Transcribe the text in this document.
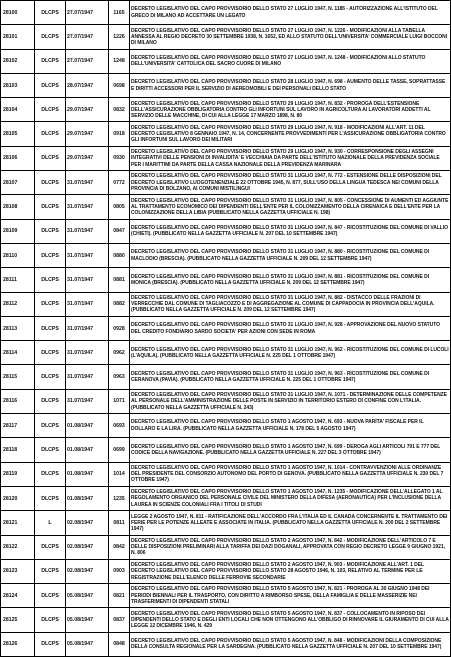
28100	DLCPS	27.07/1947	1165	DECRETO LEGISLATIVO DEL CAPO PROVVISORIO DELLO STATO 27 LUGLIO 1947, N. 1185 - AUTORIZZAZIONE ALL'ISTITUTO DEL GRECO DI MILANO AD ACCETTARE UN LEGATO

28101	DLCPS	27.07/1947	1226	DECRETO LEGISLATIVO DEL CAPO PROVVISORIO DELLO STATO 27 LUGLIO 1947, N. 1226 - MODIFICAZIONI ALLA TABELLA ANNESSA AL REGIO DECRETO 30 SETTEMBRE 1938, N. 1652, ED ALLO STATUTO DELL'UNIVERSITA' COMMERCIALE LUIGI BOCCONI DI MILANO

28102	DLCPS	27.07/1947	1248	DECRETO LEGISLATIVO DEL CAPO PROVVISORIO DELLO STATO 27 LUGLIO 1947, N. 1248 - MODIFICAZIONI ALLO STATUTO DELL'UNIVERSITA' CATTOLICA DEL SACRO CUORE DI MILANO

28103	DLCPS	28.07/1947	0698	DECRETO LEGISLATIVO DEL CAPO PROVVISORIO DELLO STATO 28 LUGLIO 1947, N. 698 - AUMENTO DELLE TASSE, SOPRATTASSE E DIRITTI ACCESSORI PER IL SERVIZIO DI AEREOMOBILI E DEI PERSONALI DELLO STATO

28104	DLCPS	29.07/1947	0832	DECRETO LEGISLATIVO DEL CAPO PROVVISORIO DELLO STATO 29 LUGLIO 1947, N. 832 - PROROGA DELL'ESTENSIONE DELL'ASSICURAZIONE OBBLIGATORIA CONTRO GLI INFORTUNI SUL LAVORO IN AGRICOLTURA AI LAVORATORI ADDETTI AL SERVIZIO DELLE MACCHINE, DI CUI ALLA LEGGE 17 MARZO 1898, N. 80

28105	DLCPS	29.07/1947	0918	DECRETO LEGISLATIVO DEL CAPO PROVVISORIO DELLO STATO 29 LUGLIO 1947, N. 918 - MODIFICAZIONI ALL'ART. 11 DEL DECRETO LEGISLATIVO 8 GENNAIO 1947, N. 14, CONCERNENTE PROVVEDIMENTI PER L'ASSICURAZIONE OBBLIGATORIA CONTRO GLI INFORTUNI SUL LAVORO DEI MILITARI

28106	DLCPS	29.07/1947	0930	DECRETO LEGISLATIVO DEL CAPO PROVVISORIO DELLO STATO 29 LUGLIO 1947, N. 930 - CORRESPONSIONE DEGLI ASSEGNI INTEGRATIVI DELLE PENSIONI DI INVALIDITA' E VECCHIAIA DA PARTE DELL'ISTITUTO NAZIONALE DELLA PREVIDENZA SOCIALE PER I MARITTIMI DA PARTE DELLA CASSA NAZIONALE DELLA PREVIDENZA MARINARA

28107	DLCPS	31.07/1947	0772	DECRETO LEGISLATIVO DEL CAPO PROVVISORIO DELLO STATO 31 LUGLIO 1947, N. 772 - ESTENSIONE DELLE DISPOSIZIONI DEL DECRETO LEGISLATIVO LUOGOTENENZIALE 22 OTTOBRE 1945, N. 877, SULL'USO DELLA LINGUA TEDESCA NEI COMUNI DELLA PROVINCIA DI BOLZANO, AI COMUNI MISTILINGUI

28108	DLCPS	31.07/1947	0805	DECRETO LEGISLATIVO DEL CAPO PROVVISORIO DELLO STATO 31 LUGLIO 1947, N. 805 - CONCESSIONE DI AUMENTI ED AGGIUNTE AL TRATTAMENTO ECONOMICO DEI DIPENDENTI DELL'ENTE PER IL COLONIZZAMENTO DELLA CIRENAICA E DELL'ENTE PER LA COLONIZZAZIONE DELLA LIBIA (PUBBLICATO NELLA GAZZETTA UFFICIALE N. 198)

28109	DLCPS	31.07/1947	0847	DECRETO LEGISLATIVO DEL CAPO PROVVISORIO DELLO STATO 31 LUGLIO 1947, N. 847 - RICOSTITUZIONE DEL COMUNE DI VALLIO (CHIETI). (PUBBLICATO NELLA GAZZETTA UFFICIALE N. 207 DEL 10 SETTEMBRE 1947)

28110	DLCPS	31.07/1947	0880	DECRETO LEGISLATIVO DEL CAPO PROVVISORIO DELLO STATO 31 LUGLIO 1947, N. 880 - RICOSTITUZIONE DEL COMUNE DI MACLODIO (BRESCIA). (PUBBLICATO NELLA GAZZETTA UFFICIALE N. 209 DEL 12 SETTEMBRE 1947)

28111	DLCPS	31.07/1947	0881	DECRETO LEGISLATIVO DEL CAPO PROVVISORIO DELLO STATO 31 LUGLIO 1947, N. 881 - RICOSTITUZIONE DEL COMUNE DI MONICA (BRESCIA). (PUBBLICATO NELLA GAZZETTA UFFICIALE N. 209 DEL 12 SETTEMBRE 1947)

28112	DLCPS	31.07/1947	0882	DECRETO LEGISLATIVO DEL CAPO PROVVISORIO DELLO STATO 31 LUGLIO 1947, N. 882 - DISTACCO DELLE FRAZIONI DI VERRECCHIE DAL COMUNE DI TAGLIACOZZO E DI AGGREGAZIONE AL COMUNE DI CAPPADOCIA IN PROVINCIA DELL'AQUILA. (PUBBLICATO NELLA GAZZETTA UFFICIALE N. 209 DEL 12 SETTEMBRE 1947)

28113	DLCPS	31.07/1947	0928	DECRETO LEGISLATIVO DEL CAPO PROVVISORIO DELLO STATO 31 LUGLIO 1947, N. 928 - APPROVAZIONE DEL NUOVO STATUTO DEL CREDITO FONDIARIO SARDO SOCIETA' PER AZIONI CON SEDE IN ROMA

28114	DLCPS	31.07/1947	0962	DECRETO LEGISLATIVO DEL CAPO PROVVISORIO DELLO STATO 31 LUGLIO 1947, N. 962 - RICOSTITUZIONE DEL COMUNE DI LUCOLI (L'AQUILA). (PUBBLICATO NELLA GAZZETTA UFFICIALE N. 225 DEL 1 OTTOBRE 1947)

28115	DLCPS	31.07/1947	0963	DECRETO LEGISLATIVO DEL CAPO PROVVISORIO DELLO STATO 31 LUGLIO 1947, N. 963 - RICOSTITUZIONE DEL COMUNE DI CERANOVA (PAVIA). (PUBBLICATO NELLA GAZZETTA UFFICIALE N. 225 DEL 1 OTTOBRE 1947)

28116	DLCPS	31.07/1947	1071	DECRETO LEGISLATIVO DEL CAPO PROVVISORIO DELLO STATO 31 LUGLIO 1947, N. 1071 - DETERMINAZIONE DELLE COMPETENZE AL PERSONALE DELL'AMMINISTRAZIONE DELLE POSTE IN SERVIZIO IN TERRITORIO ESTERO DI CONFINE CON L'ITALIA. (PUBBLICATO NELLA GAZZETTA UFFICIALE N. 243)

28117	DLCPS	01.08/1947	0693	DECRETO LEGISLATIVO DEL CAPO PROVVISORIO DELLO STATO 1 AGOSTO 1947, N. 693 - NUOVA PARITA' FISCALE PER IL DOLLARO E LA LIRA. (PUBBLICATO NELLA GAZZETTA UFFICIALE N. 178 DEL 5 AGOSTO 1947)

28118	DLCPS	01.08/1947	0699	DECRETO LEGISLATIVO DEL CAPO PROVVISORIO DELLO STATO 1 AGOSTO 1947, N. 699 - DEROGA AGLI ARTICOLI 791 E 777 DEL CODICE DELLA NAVIGAZIONE. (PUBBLICATO NELLA GAZZETTA UFFICIALE N. 227 DEL 3 OTTOBRE 1947)

28119	DLCPS	01.08/1947	1014	DECRETO LEGISLATIVO DEL CAPO PROVVISORIO DELLO STATO 1 AGOSTO 1947, N. 1014 - CONTRAVVENZIONI ALLE ORDINANZE DEL PRESIDENTE DEL CONSORZIO AUTONOMO DEL PORTO DI GENOVA. (PUBBLICATO NELLA GAZZETTA UFFICIALE N. 230 DEL 7 OTTOBRE 1947)

28120	DLCPS	01.08/1947	1235	DECRETO LEGISLATIVO DEL CAPO PROVVISORIO DELLO STATO 1 AGOSTO 1947, N. 1235 - MODIFICAZIONE DELL'ALLEGATO 1 AL REGOLAMENTO ORGANICO DEL PERSONALE CIVILE DEL MINISTERO DELLA DIFESA (AERONAUTICA) PER L'INCLUSIONE DELLA LAUREA IN SCIENZE COLONIALI FRA I TITOLI DI STUDI

28121	L	02.08/1947	0811	LEGGE 2 AGOSTO 1947, N. 811 - RATIFICAZIONE DELL'ACCORDO FRA L'ITALIA ED IL CANADA CONCERNENTE IL TRATTAMENTO DEI FERIE PER LE POTENZE ALLEATE E ASSOCIATE IN ITALIA. (PUBBLICATO NELLA GAZZETTA UFFICIALE N. 200 DEL 2 SETTEMBRE 1947)

28122	DLCPS	02.08/1947	0842	DECRETO LEGISLATIVO DEL CAPO PROVVISORIO DELLO STATO 2 AGOSTO 1947, N. 842 - MODIFICAZIONE DELL'ARTICOLO 7 E DELLE DISPOSIZIONI PRELIMINARI ALLA TARIFFA DEI DAZI DOGANALI, APPROVATA CON REGIO DECRETO LEGGE 9 GIUGNO 1921, N. 806

28123	DLCPS	02.08/1947	0903	DECRETO LEGISLATIVO DEL CAPO PROVVISORIO DELLO STATO 2 AGOSTO 1947, N. 903 - MODIFICAZIONE ALL'ART. 1 DEL DECRETO LEGISLATIVO DEL CAPO PROVVISORIO DELLO STATO 28 AGOSTO 1946, N. 103, RELATIVO AL TERMINE PER LE REGISTRAZIONE DELL'ELENCO DELLE FERROVIE SECONDARIE

28124	DLCPS	05.08/1947	0821	DECRETO LEGISLATIVO DEL CAPO PROVVISORIO DELLO STATO 5 AGOSTO 1947, N. 821 - PROROGA AL 30 GIUGNO 1948 DEI PERIODI BIENNALI PER IL TRASPORTO, CON DIRITTO A RIMBORSO SPESE, DELLA FAMIGLIA E DELLE MASSERIZIE NEI TRASFERIMENTI DI DIPENDENTI STATALI

28125	DLCPS	05.08/1947	0837	DECRETO LEGISLATIVO DEL CAPO PROVVISORIO DELLO STATO 5 AGOSTO 1947, N. 837 - COLLOCAMENTO IN RIPOSO DEI DIPENDENTI DELLO STATO E DEGLI ENTI LOCALI CHE NON OTTENGONO ALL'OBBLIGO DI RINNOVARE IL GIURAMENTO DI CUI ALLA LEGGE 12 DICEMBRE 1946, N. 429

28126	DLCPS	05.08/1947	0848	DECRETO LEGISLATIVO DEL CAPO PROVVISORIO DELLO STATO 5 AGOSTO 1947, N. 848 - MODIFICAZIONI DELLA COMPOSIZIONE DELLA CONSULTA REGIONALE PER LA SARDEGNA. (PUBBLICATO NELLA GAZZETTA UFFICIALE N. 207 DEL 10 SETTEMBRE 1947)
